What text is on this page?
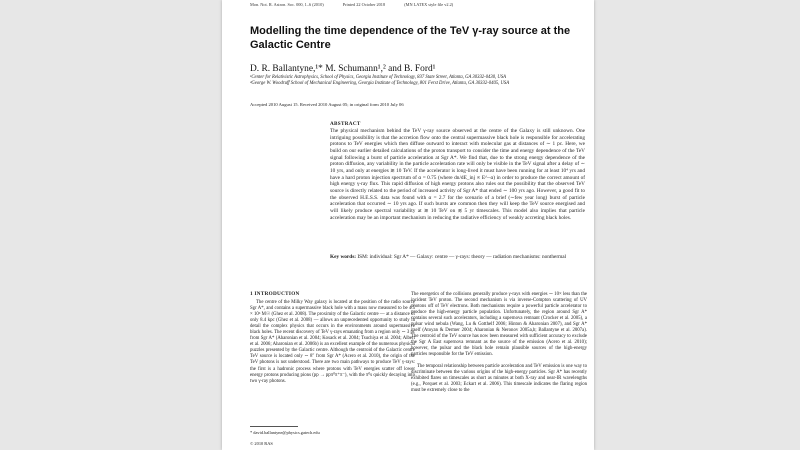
Mon. Not. R. Astron. Soc. 000, 1–6 (2010)	Printed 22 October 2018	(MN LATEX style file v2.2)
Modelling the time dependence of the TeV γ-ray source at the Galactic Centre
D. R. Ballantyne,¹* M. Schumann¹,² and B. Ford¹
¹Center for Relativistic Astrophysics, School of Physics, Georgia Institute of Technology, 837 State Street, Atlanta, GA 30332-0430, USA
²George W. Woodruff School of Mechanical Engineering, Georgia Institute of Technology, 801 Ferst Drive, Atlanta, GA 30332-0405, USA
Accepted 2010 August 15. Received 2010 August 05; in original form 2010 July 06
ABSTRACT
The physical mechanism behind the TeV γ-ray source observed at the centre of the Galaxy is still unknown. One intriguing possibility is that the accretion flow onto the central supermassive black hole is responsible for accelerating protons to TeV energies which then diffuse outward to interact with molecular gas at distances of ∼ 1 pc. Here, we build on our earlier detailed calculations of the proton transport to consider the time and energy dependence of the TeV signal following a burst of particle acceleration at Sgr A*. We find that, due to the strong energy dependence of the proton diffusion, any variability in the particle acceleration rate will only be visible in the TeV signal after a delay of ∼ 10 yrs, and only at energies ≳ 10 TeV. If the accelerator is long-lived it must have been running for at least 10⁴ yrs and have a hard proton injection spectrum of α = 0.75 (where dn/dE_inj ∝ E^−α) in order to produce the correct amount of high energy γ-ray flux. This rapid diffusion of high energy protons also rules out the possibility that the observed TeV source is directly related to the period of increased activity of Sgr A* that ended ∼ 100 yrs ago. However, a good fit to the observed H.E.S.S. data was found with α = 2.7 for the scenario of a brief (∼few year long) burst of particle acceleration that occurred ∼ 10 yrs ago. If such bursts are common then they will keep the TeV source energised and will likely produce spectral variability at ≳ 10 TeV on ≲ 5 yr timescales. This model also implies that particle acceleration may be an important mechanism in reducing the radiative efficiency of weakly accreting black holes.
Key words: ISM: individual: Sgr A* — Galaxy: centre — γ-rays: theory — radiation mechanisms: nonthermal
1 INTRODUCTION
The centre of the Milky Way galaxy is located at the position of the radio source Sgr A*, and contains a supermassive black hole with a mass now measured to be 4.5 × 10⁶ M☉ (Ghez et al. 2008). The proximity of the Galactic centre — at a distance of only 8.4 kpc (Ghez et al. 2008) — allows an unprecedented opportunity to study in detail the complex physics that occurs in the environments around supermassive black holes. The recent discovery of TeV γ-rays emanating from a region only ∼ 3 pc from Sgr A* (Aharonian et al. 2004; Kosack et al. 2004; Tsuchiya et al. 2004; Albert et al. 2006; Aharonian et al. 2006b) is an excellent example of the numerous physical puzzles presented by the Galactic centre. Although the centroid of the Galactic centre TeV source is located only ∼ 8″ from Sgr A* (Acero et al. 2010), the origin of the TeV photons is not understood. There are two main pathways to produce TeV γ-rays: the first is a hadronic process where protons with TeV energies scatter off lower energy protons producing pions (pp → ppπ⁰π⁺π⁻), with the π⁰s quickly decaying into two γ-ray photons.

The energetics of the collisions generally produce γ-rays with energies ∼ 10× less than the incident TeV proton. The second mechanism is via inverse-Compton scattering of UV photons off of TeV electrons. Both mechanisms require a powerful particle accelerator to produce the high-energy particle population. Unfortunately, the region around Sgr A* contains several such accelerators, including a supernova remnant (Crocker et al. 2005), a pulsar wind nebula (Wang, Lu & Gotthelf 2006; Hinton & Aharonian 2007), and Sgr A* itself (Atoyan & Dermer 2004; Aharonian & Neronov 2005a,b; Ballantyne et al. 2007a). The centroid of the TeV source has now been measured with sufficient accuracy to exclude the Sgr A East supernova remnant as the source of the emission (Acero et al. 2010); however, the pulsar and the black hole remain plausible sources of the high-energy particles responsible for the TeV emission.

The temporal relationship between particle acceleration and TeV emission is one way to discriminate between the various origins of the high-energy particles. Sgr A* has recently exhibited flares on timescales as short as minutes at both X-ray and near-IR wavelengths (e.g., Porquet et al. 2003; Eckart et al. 2006). This timescale indicates the flaring region must be extremely close to the

* david.ballantyne@physics.gatech.edu
© 2010 RAS
